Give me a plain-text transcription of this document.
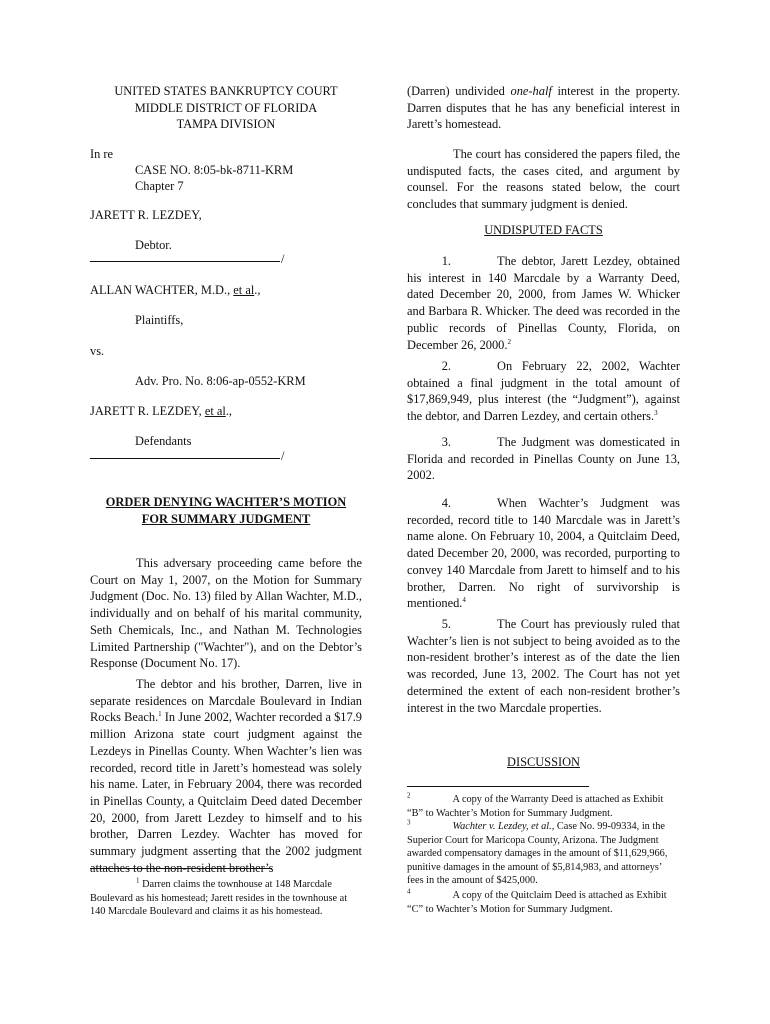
UNITED STATES BANKRUPTCY COURT
MIDDLE DISTRICT OF FLORIDA
TAMPA DIVISION
In re
CASE NO. 8:05-bk-8711-KRM
Chapter 7
JARETT R. LEZDEY,
Debtor.
/
ALLAN WACHTER, M.D., et al.,
Plaintiffs,
vs.
Adv. Pro. No. 8:06-ap-0552-KRM
JARETT R. LEZDEY, et al.,
Defendants
/
ORDER DENYING WACHTER’S MOTION
FOR SUMMARY JUDGMENT
This adversary proceeding came before the Court on May 1, 2007, on the Motion for Summary Judgment (Doc. No. 13) filed by Allan Wachter, M.D., individually and on behalf of his marital community, Seth Chemicals, Inc., and Nathan M. Technologies Limited Partnership ("Wachter"), and on the Debtor’s Response (Document No. 17).
The debtor and his brother, Darren, live in separate residences on Marcdale Boulevard in Indian Rocks Beach.$^1$ In June 2002, Wachter recorded a $17.9 million Arizona state court judgment against the Lezdeys in Pinellas County. When Wachter’s lien was recorded, record title in Jarett’s homestead was solely his name. Later, in February 2004, there was recorded in Pinellas County, a Quitclaim Deed dated December 20, 2000, from Jarett Lezdey to himself and to his brother, Darren Lezdey. Wachter has moved for summary judgment asserting that the 2002 judgment attaches to the non-resident brother’s
$^1$ Darren claims the townhouse at 148 Marcdale Boulevard as his homestead; Jarett resides in the townhouse at 140 Marcdale Boulevard and claims it as his homestead.
(Darren) undivided one-half interest in the property. Darren disputes that he has any beneficial interest in Jarett’s homestead.
The court has considered the papers filed, the undisputed facts, the cases cited, and argument by counsel. For the reasons stated below, the court concludes that summary judgment is denied.
UNDISPUTED FACTS
1.	The debtor, Jarett Lezdey, obtained his interest in 140 Marcdale by a Warranty Deed, dated December 20, 2000, from James W. Whicker and Barbara R. Whicker. The deed was recorded in the public records of Pinellas County, Florida, on December 26, 2000.$^2$
2.	On February 22, 2002, Wachter obtained a final judgment in the total amount of $17,869,949, plus interest (the “Judgment”), against the debtor, and Darren Lezdey, and certain others.$^3$
3.	The Judgment was domesticated in Florida and recorded in Pinellas County on June 13, 2002.
4.	When Wachter’s Judgment was recorded, record title to 140 Marcdale was in Jarett’s name alone. On February 10, 2004, a Quitclaim Deed, dated December 20, 2000, was recorded, purporting to convey 140 Marcdale from Jarett to himself and to his brother, Darren. No right of survivorship is mentioned.$^4$
5.	The Court has previously ruled that Wachter’s lien is not subject to being avoided as to the non-resident brother’s interest as of the date the lien was recorded, June 13, 2002. The Court has not yet determined the extent of each non-resident brother’s interest in the two Marcdale properties.
DISCUSSION
$^2$	A copy of the Warranty Deed is attached as Exhibit “B” to Wachter’s Motion for Summary Judgment.
$^3$	Wachter v. Lezdey, et al., Case No. 99-09334, in the Superior Court for Maricopa County, Arizona. The Judgment awarded compensatory damages in the amount of $11,629,966, punitive damages in the amount of $5,814,983, and attorneys’ fees in the amount of $425,000.
$^4$	A copy of the Quitclaim Deed is attached as Exhibit “C” to Wachter’s Motion for Summary Judgment.
